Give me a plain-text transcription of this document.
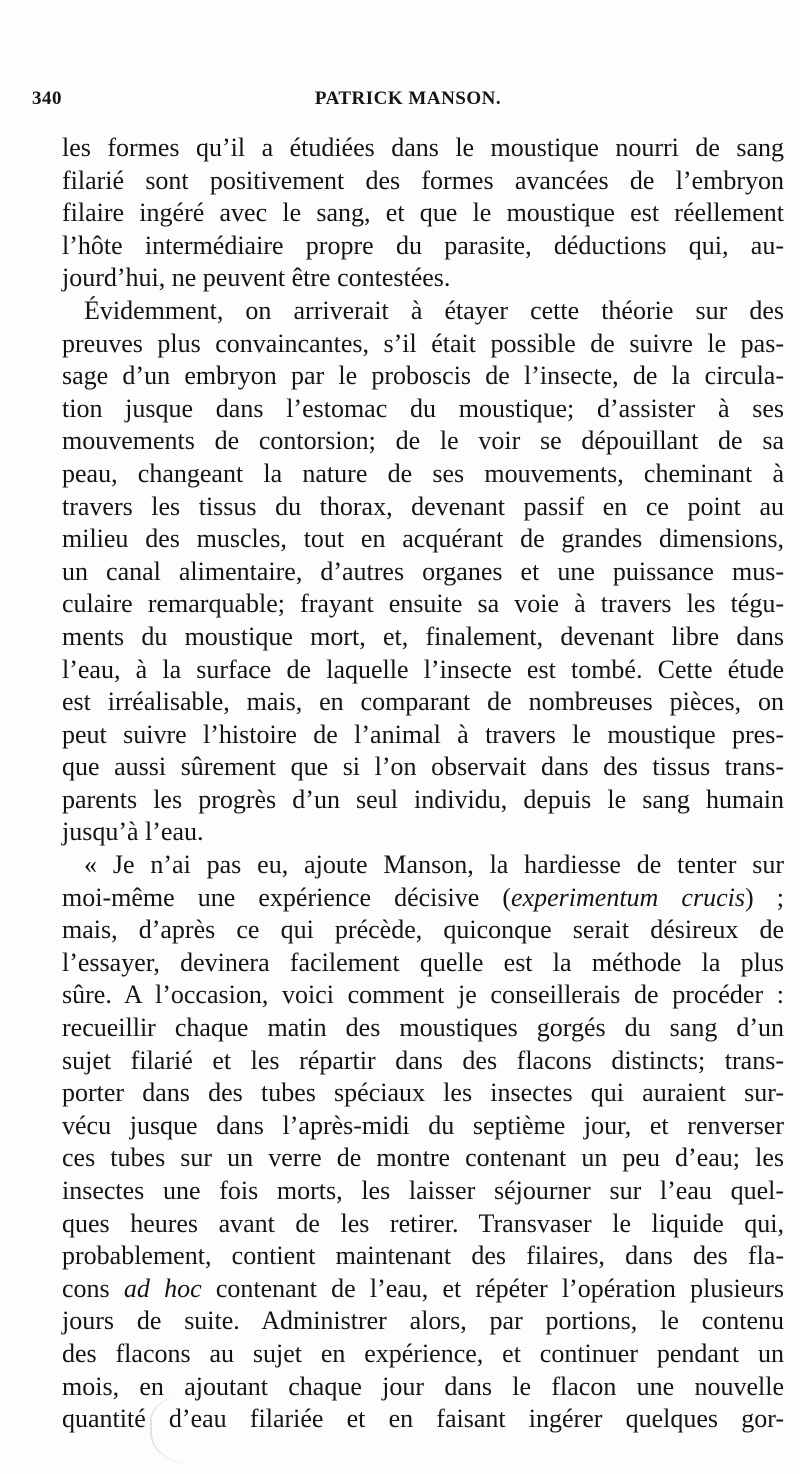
340	PATRICK MANSON.
les formes qu’il a étudiées dans le moustique nourri de sang
filarié sont positivement des formes avancées de l’embryon
filaire ingéré avec le sang, et que le moustique est réellement
l’hôte intermédiaire propre du parasite, déductions qui, au-
jourd’hui, ne peuvent être contestées.
Évidemment, on arriverait à étayer cette théorie sur des
preuves plus convaincantes, s’il était possible de suivre le pas-
sage d’un embryon par le proboscis de l’insecte, de la circula-
tion jusque dans l’estomac du moustique; d’assister à ses
mouvements de contorsion; de le voir se dépouillant de sa
peau, changeant la nature de ses mouvements, cheminant à
travers les tissus du thorax, devenant passif en ce point au
milieu des muscles, tout en acquérant de grandes dimensions,
un canal alimentaire, d’autres organes et une puissance mus-
culaire remarquable; frayant ensuite sa voie à travers les tégu-
ments du moustique mort, et, finalement, devenant libre dans
l’eau, à la surface de laquelle l’insecte est tombé. Cette étude
est irréalisable, mais, en comparant de nombreuses pièces, on
peut suivre l’histoire de l’animal à travers le moustique pres-
que aussi sûrement que si l’on observait dans des tissus trans-
parents les progrès d’un seul individu, depuis le sang humain
jusqu’à l’eau.
« Je n’ai pas eu, ajoute Manson, la hardiesse de tenter sur
moi-même une expérience décisive (experimentum crucis) ;
mais, d’après ce qui précède, quiconque serait désireux de
l’essayer, devinera facilement quelle est la méthode la plus
sûre. A l’occasion, voici comment je conseillerais de procéder :
recueillir chaque matin des moustiques gorgés du sang d’un
sujet filarié et les répartir dans des flacons distincts; trans-
porter dans des tubes spéciaux les insectes qui auraient sur-
vécu jusque dans l’après-midi du septième jour, et renverser
ces tubes sur un verre de montre contenant un peu d’eau; les
insectes une fois morts, les laisser séjourner sur l’eau quel-
ques heures avant de les retirer. Transvaser le liquide qui,
probablement, contient maintenant des filaires, dans des fla-
cons ad hoc contenant de l’eau, et répéter l’opération plusieurs
jours de suite. Administrer alors, par portions, le contenu
des flacons au sujet en expérience, et continuer pendant un
mois, en ajoutant chaque jour dans le flacon une nouvelle
quantité d’eau filariée et en faisant ingérer quelques gor-
